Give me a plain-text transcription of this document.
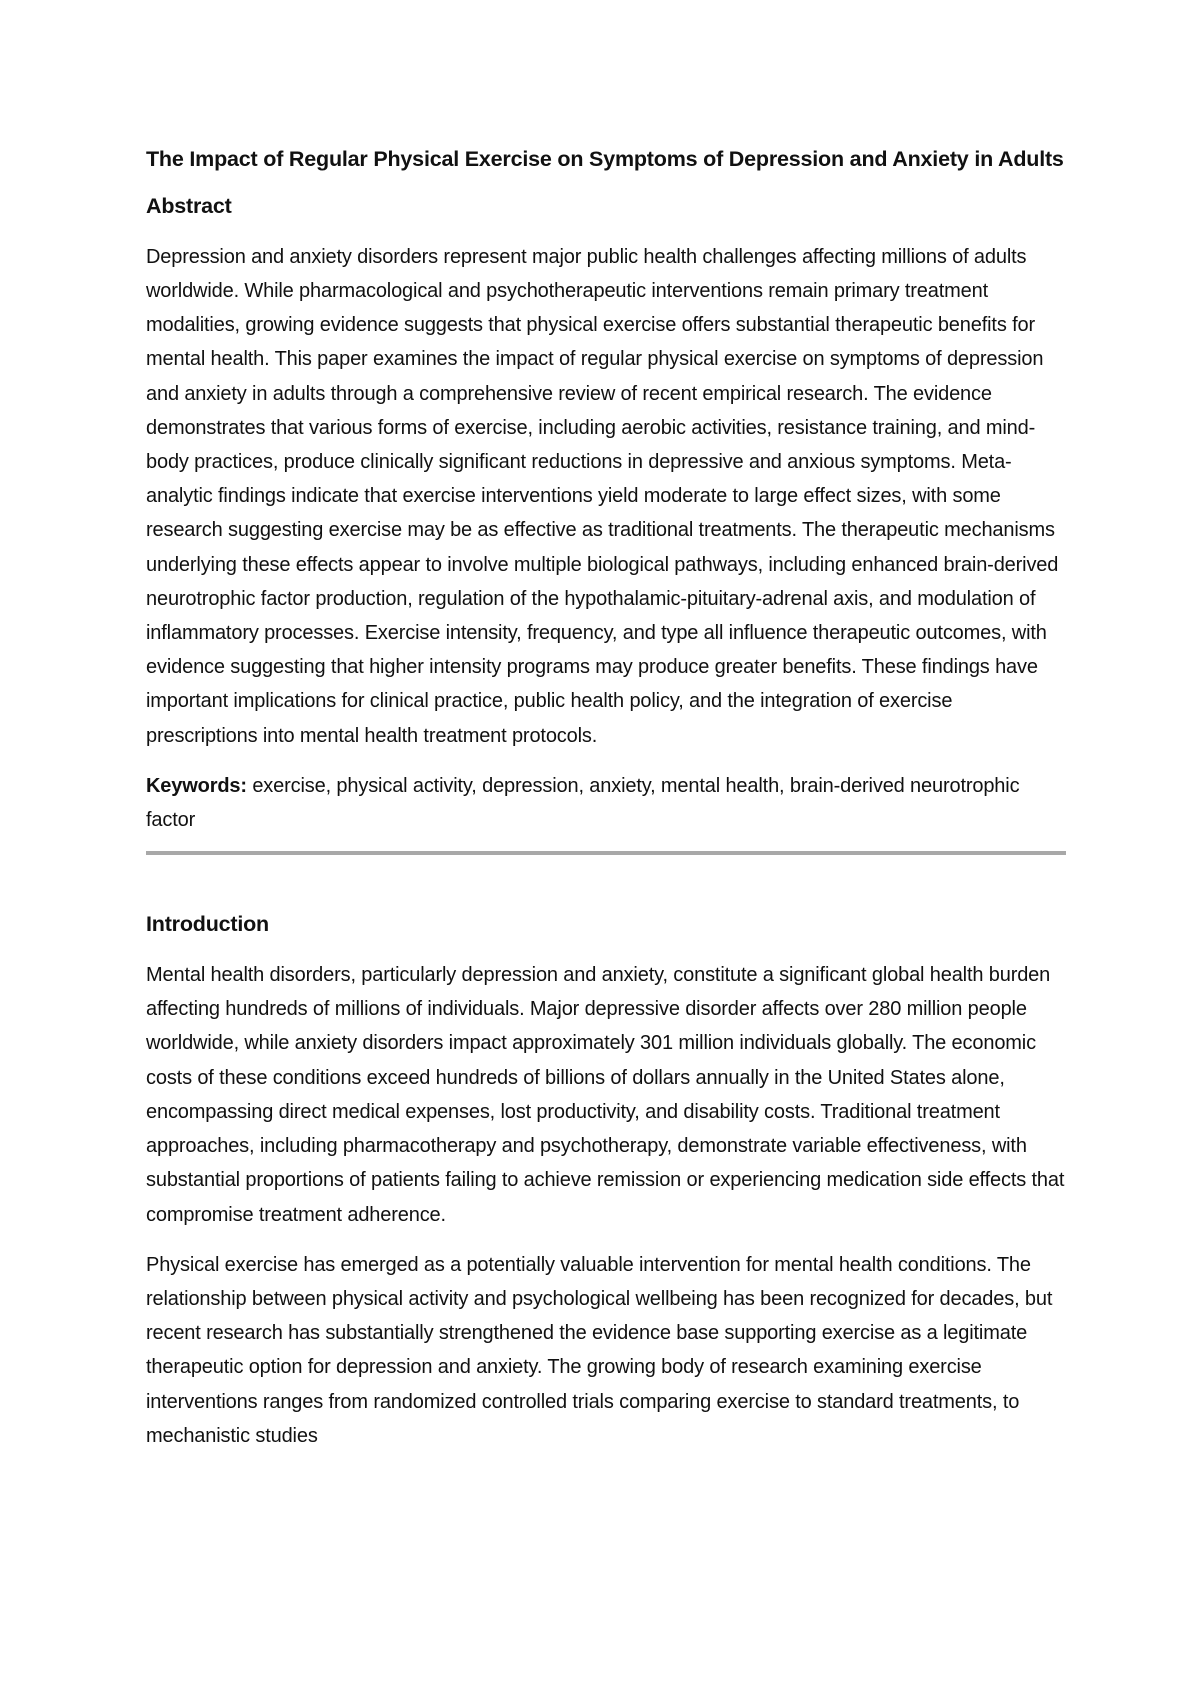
The Impact of Regular Physical Exercise on Symptoms of Depression and Anxiety in Adults
Abstract

Depression and anxiety disorders represent major public health challenges affecting millions of adults worldwide. While pharmacological and psychotherapeutic interventions remain primary treatment modalities, growing evidence suggests that physical exercise offers substantial therapeutic benefits for mental health. This paper examines the impact of regular physical exercise on symptoms of depression and anxiety in adults through a comprehensive review of recent empirical research. The evidence demonstrates that various forms of exercise, including aerobic activities, resistance training, and mind-body practices, produce clinically significant reductions in depressive and anxious symptoms. Meta-analytic findings indicate that exercise interventions yield moderate to large effect sizes, with some research suggesting exercise may be as effective as traditional treatments. The therapeutic mechanisms underlying these effects appear to involve multiple biological pathways, including enhanced brain-derived neurotrophic factor production, regulation of the hypothalamic-pituitary-adrenal axis, and modulation of inflammatory processes. Exercise intensity, frequency, and type all influence therapeutic outcomes, with evidence suggesting that higher intensity programs may produce greater benefits. These findings have important implications for clinical practice, public health policy, and the integration of exercise prescriptions into mental health treatment protocols.

Keywords: exercise, physical activity, depression, anxiety, mental health, brain-derived neurotrophic factor

Introduction

Mental health disorders, particularly depression and anxiety, constitute a significant global health burden affecting hundreds of millions of individuals. Major depressive disorder affects over 280 million people worldwide, while anxiety disorders impact approximately 301 million individuals globally. The economic costs of these conditions exceed hundreds of billions of dollars annually in the United States alone, encompassing direct medical expenses, lost productivity, and disability costs. Traditional treatment approaches, including pharmacotherapy and psychotherapy, demonstrate variable effectiveness, with substantial proportions of patients failing to achieve remission or experiencing medication side effects that compromise treatment adherence.

Physical exercise has emerged as a potentially valuable intervention for mental health conditions. The relationship between physical activity and psychological wellbeing has been recognized for decades, but recent research has substantially strengthened the evidence base supporting exercise as a legitimate therapeutic option for depression and anxiety. The growing body of research examining exercise interventions ranges from randomized controlled trials comparing exercise to standard treatments, to mechanistic studies
